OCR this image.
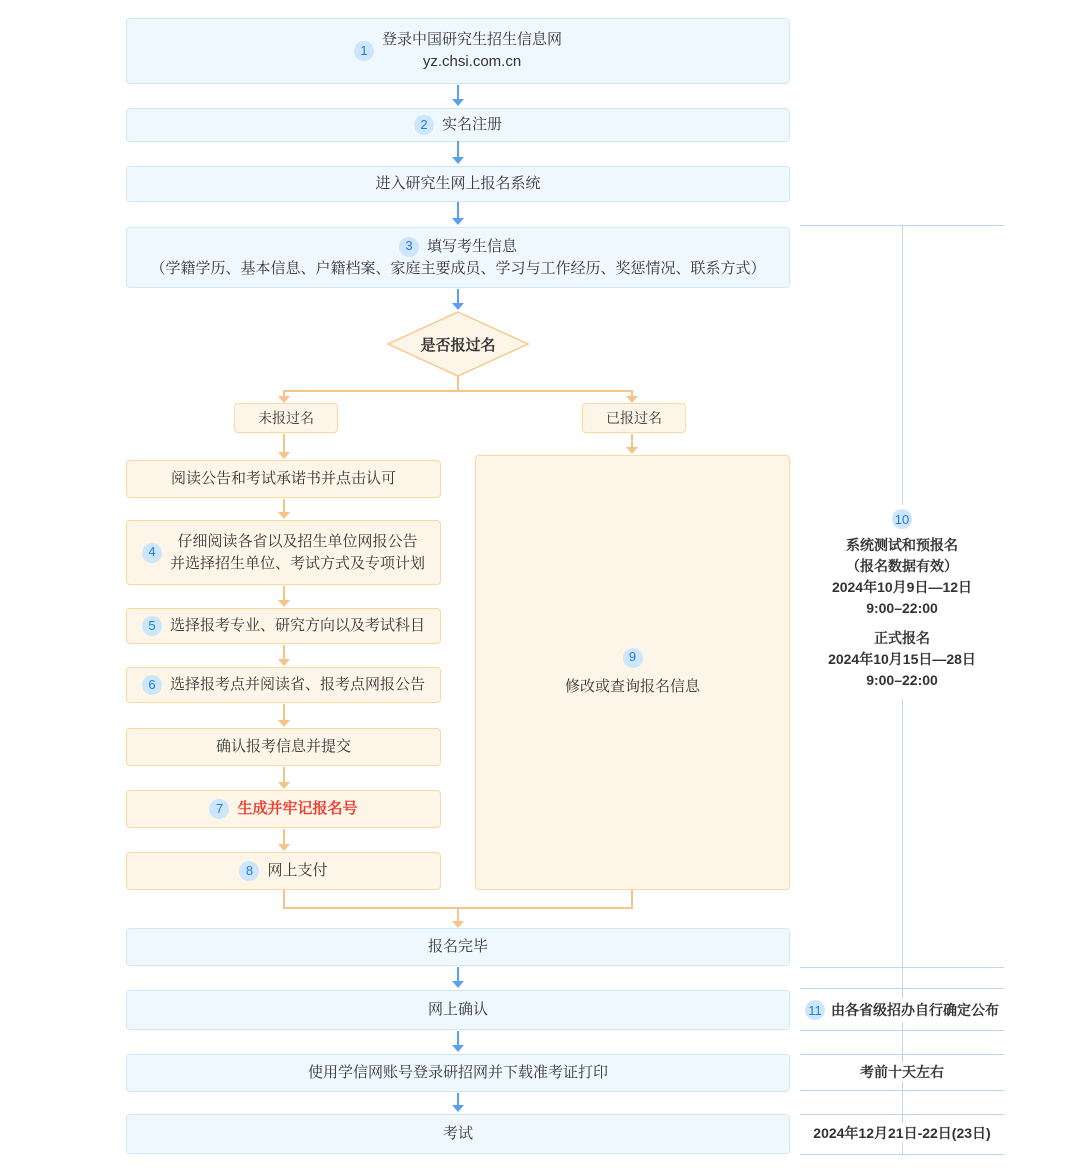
1
登录中国研究生招生信息网
yz.chsi.com.cn
2 实名注册
进入研究生网上报名系统
3 填写考生信息
（学籍学历、基本信息、户籍档案、家庭主要成员、学习与工作经历、奖惩情况、联系方式）
是否报过名
未报过名	已报过名
阅读公告和考试承诺书并点击认可
4
仔细阅读各省以及招生单位网报公告
并选择招生单位、考试方式及专项计划
5 选择报考专业、研究方向以及考试科目
6 选择报考点并阅读省、报考点网报公告
确认报考信息并提交
7 生成并牢记报名号
8 网上支付
9
修改或查询报名信息
报名完毕
网上确认
使用学信网账号登录研招网并下载准考证打印
考试
10

系统测试和预报名

（报名数据有效）

2024年10月9日—12日

9:00–22:00

正式报名

2024年10月15日—28日

9:00–22:00

11 由各省级招办自行确定公布
考前十天左右
2024年12月21日-22日(23日)
